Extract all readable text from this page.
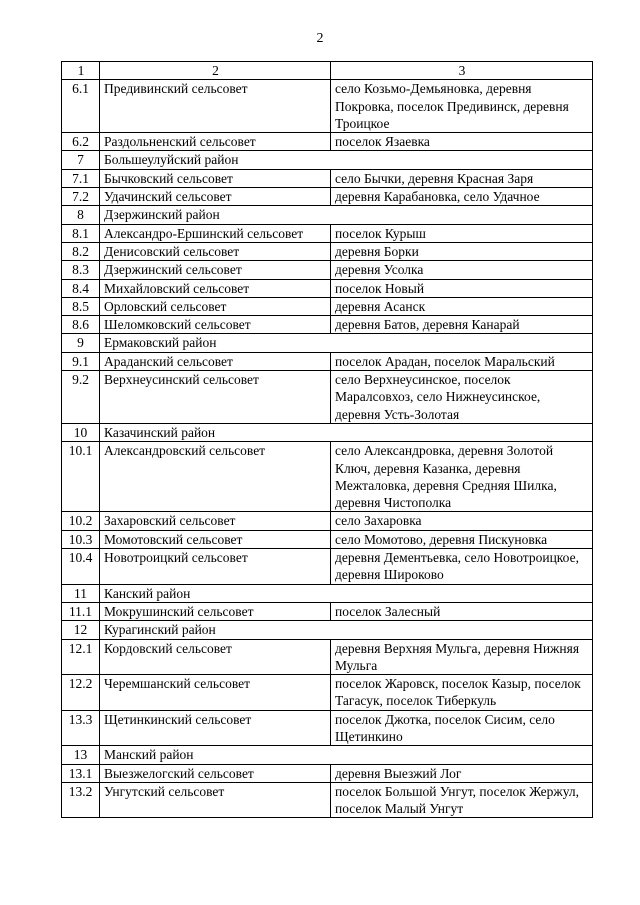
2
1	2	3
6.1	Предивинский сельсовет	село Козьмо-Демьяновка, деревня Покровка, поселок Предивинск, деревня Троицкое
6.2	Раздольненский сельсовет	поселок Язаевка
7	Большеулуйский район	
7.1	Бычковский сельсовет	село Бычки, деревня Красная Заря
7.2	Удачинский сельсовет	деревня Карабановка, село Удачное
8	Дзержинский район	
8.1	Александро-Ершинский сельсовет	поселок Курыш
8.2	Денисовский сельсовет	деревня Борки
8.3	Дзержинский сельсовет	деревня Усолка
8.4	Михайловский сельсовет	поселок Новый
8.5	Орловский сельсовет	деревня Асанск
8.6	Шеломковский сельсовет	деревня Батов, деревня Канарай
9	Ермаковский район	
9.1	Араданский сельсовет	поселок Арадан, поселок Маральский
9.2	Верхнеусинский сельсовет	село Верхнеусинское, поселок Маралсовхоз, село Нижнеусинское, деревня Усть-Золотая
10	Казачинский район	
10.1	Александровский сельсовет	село Александровка, деревня Золотой Ключ, деревня Казанка, деревня Межталовка, деревня Средняя Шилка, деревня Чистополка
10.2	Захаровский сельсовет	село Захаровка
10.3	Момотовский сельсовет	село Момотово, деревня Пискуновка
10.4	Новотроицкий сельсовет	деревня Дементьевка, село Новотроицкое, деревня Широково
11	Канский район	
11.1	Мокрушинский сельсовет	поселок Залесный
12	Курагинский район	
12.1	Кордовский сельсовет	деревня Верхняя Мульга, деревня Нижняя Мульга
12.2	Черемшанский сельсовет	поселок Жаровск, поселок Казыр, поселок Тагасук, поселок Тиберкуль
13.3	Щетинкинский сельсовет	поселок Джотка, поселок Сисим, село Щетинкино
13	Манский район	
13.1	Выезжелогский сельсовет	деревня Выезжий Лог
13.2	Унгутский сельсовет	поселок Большой Унгут, поселок Жержул, поселок Малый Унгут
